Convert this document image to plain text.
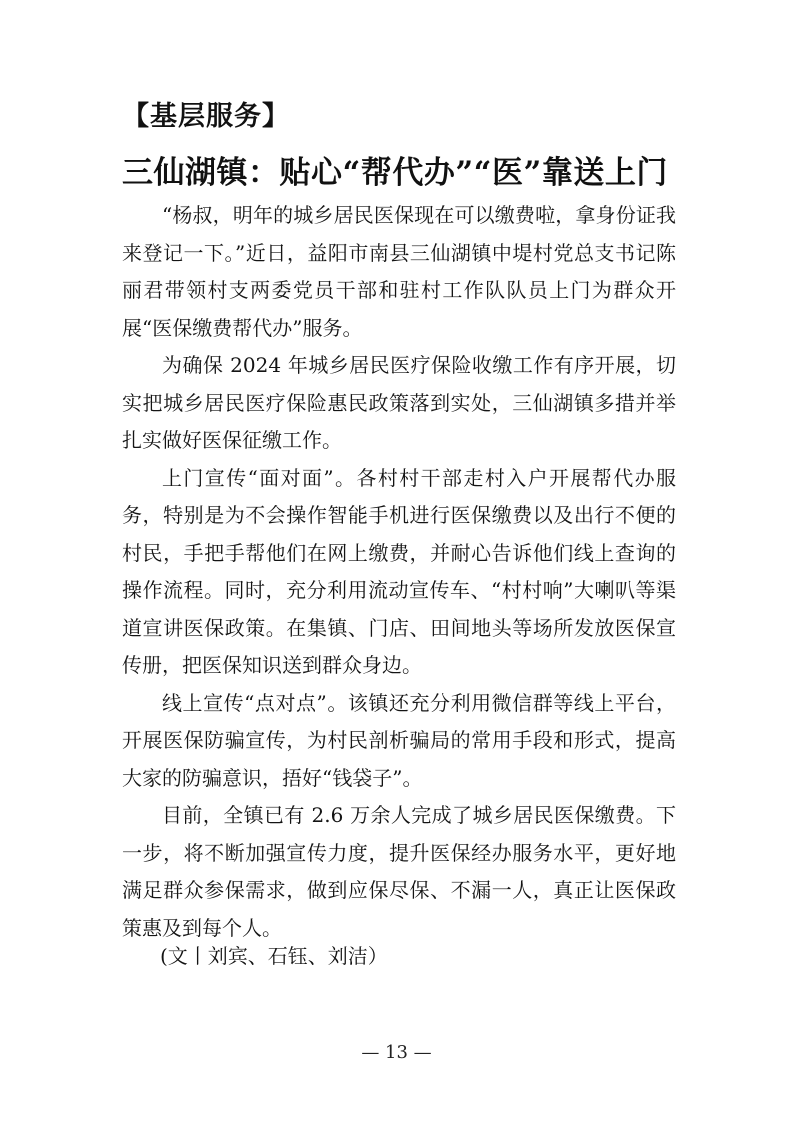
【基层服务】
三仙湖镇：贴心“帮代办”“医”靠送上门

“杨叔，明年的城乡居民医保现在可以缴费啦，拿身份证我来登记一下。”近日，益阳市南县三仙湖镇中堤村党总支书记陈丽君带领村支两委党员干部和驻村工作队队员上门为群众开展“医保缴费帮代办”服务。

为确保 2024 年城乡居民医疗保险收缴工作有序开展，切实把城乡居民医疗保险惠民政策落到实处，三仙湖镇多措并举扎实做好医保征缴工作。

上门宣传“面对面”。各村村干部走村入户开展帮代办服务，特别是为不会操作智能手机进行医保缴费以及出行不便的村民，手把手帮他们在网上缴费，并耐心告诉他们线上查询的操作流程。同时，充分利用流动宣传车、“村村响”大喇叭等渠道宣讲医保政策。在集镇、门店、田间地头等场所发放医保宣传册，把医保知识送到群众身边。

线上宣传“点对点”。该镇还充分利用微信群等线上平台，开展医保防骗宣传，为村民剖析骗局的常用手段和形式，提高大家的防骗意识，捂好“钱袋子”。

目前，全镇已有 2.6 万余人完成了城乡居民医保缴费。下一步，将不断加强宣传力度，提升医保经办服务水平，更好地满足群众参保需求，做到应保尽保、不漏一人，真正让医保政策惠及到每个人。

(文丨刘宾、石钰、刘洁）
— 13 —
